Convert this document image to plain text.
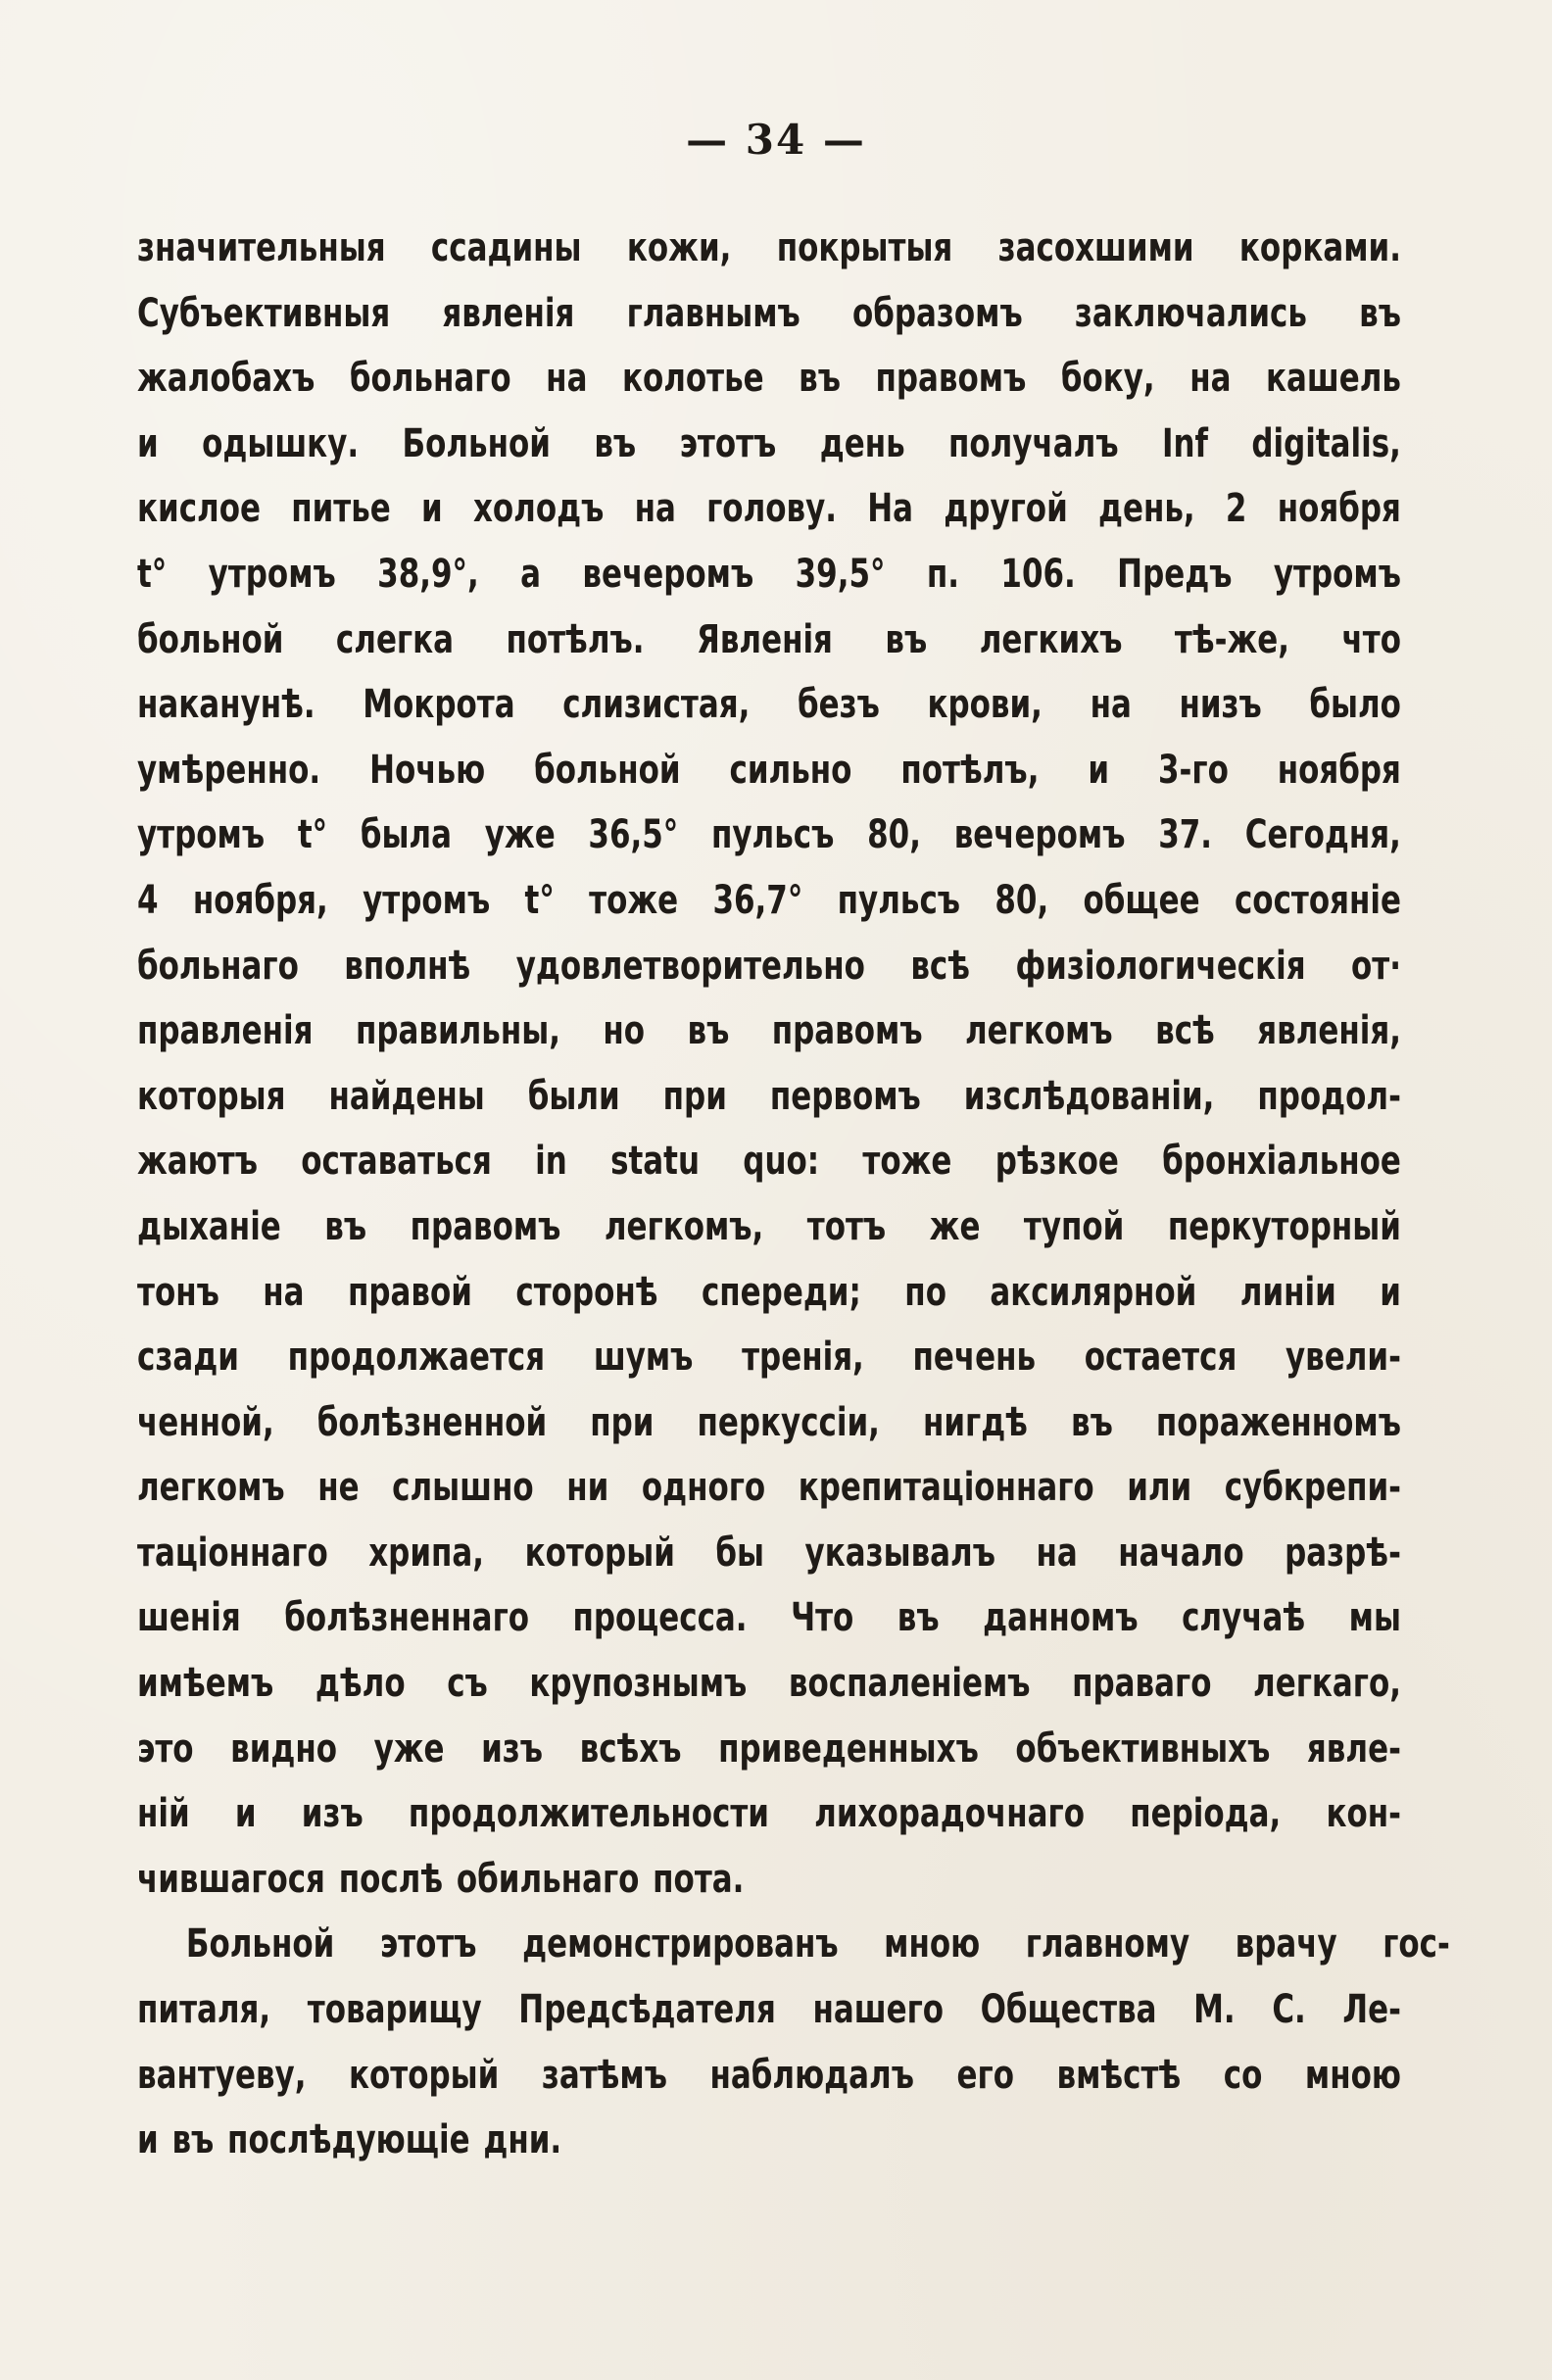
— 34 —
значительныя ссадины кожи, покрытыя засохшими корками.
Субъективныя явленія главнымъ образомъ заключались въ
жалобахъ больнаго на колотье въ правомъ боку, на кашель
и одышку. Больной въ этотъ день получалъ Inf digitalis,
кислое питье и холодъ на голову. На другой день, 2 ноября
t° утромъ 38,9°, а вечеромъ 39,5° п. 106. Предъ утромъ
больной слегка потѣлъ. Явленія въ легкихъ тѣ-же, что
наканунѣ. Мокрота слизистая, безъ крови, на низъ было
умѣренно. Ночью больной сильно потѣлъ, и 3-го ноября
утромъ t° была уже 36,5° пульсъ 80, вечеромъ 37. Сегодня,
4 ноября, утромъ t° тоже 36,7° пульсъ 80, общее состояніе
больнаго вполнѣ удовлетворительно всѣ физіологическія от·
правленія правильны, но въ правомъ легкомъ всѣ явленія,
которыя найдены были при первомъ изслѣдованіи, продол-
жаютъ оставаться in statu quo: тоже рѣзкое бронхіальное
дыханіе въ правомъ легкомъ, тотъ же тупой перкуторный
тонъ на правой сторонѣ спереди; по аксилярной линіи и
сзади продолжается шумъ тренія, печень остается увели-
ченной, болѣзненной при перкуссіи, нигдѣ въ пораженномъ
легкомъ не слышно ни одного крепитаціоннаго или субкрепи-
таціоннаго хрипа, который бы указывалъ на начало разрѣ-
шенія болѣзненнаго процесса. Что въ данномъ случаѣ мы
имѣемъ дѣло съ крупознымъ воспаленіемъ праваго легкаго,
это видно уже изъ всѣхъ приведенныхъ объективныхъ явле-
ній и изъ продолжительности лихорадочнаго періода, кон-
чившагося послѣ обильнаго пота.
Больной этотъ демонстрированъ мною главному врачу гос-
питаля, товарищу Предсѣдателя нашего Общества М. С. Ле-
вантуеву, который затѣмъ наблюдалъ его вмѣстѣ со мною
и въ послѣдующіе дни.
